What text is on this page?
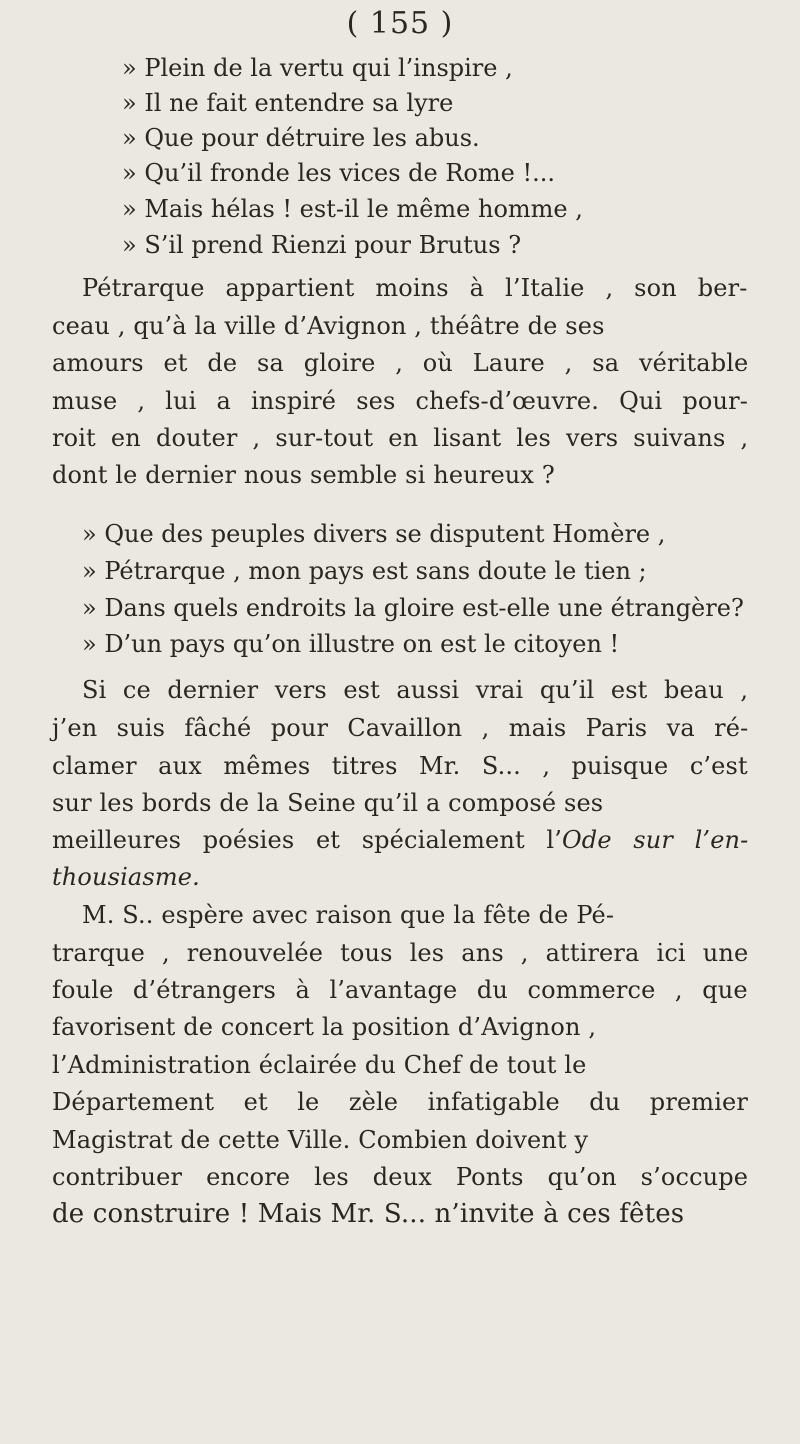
( 155 )
» Plein de la vertu qui l’inspire ,
» Il ne fait entendre sa lyre
» Que pour détruire les abus.
» Qu’il fronde les vices de Rome !...
» Mais hélas ! est-il le même homme ,
» S’il prend Rienzi pour Brutus ?
Pétrarque appartient moins à l’Italie , son ber-
ceau , qu’à la ville d’Avignon , théâtre de ses
amours et de sa gloire , où Laure , sa véritable
muse , lui a inspiré ses chefs-d’œuvre. Qui pour-
roit en douter , sur-tout en lisant les vers suivans ,
dont le dernier nous semble si heureux ?
» Que des peuples divers se disputent Homère ,
» Pétrarque , mon pays est sans doute le tien ;
» Dans quels endroits la gloire est-elle une étrangère?
» D’un pays qu’on illustre on est le citoyen !
Si ce dernier vers est aussi vrai qu’il est beau ,
j’en suis fâché pour Cavaillon , mais Paris va ré-
clamer aux mêmes titres Mr. S... , puisque c’est
sur les bords de la Seine qu’il a composé ses
meilleures poésies et spécialement l’Ode sur l’en-
thousiasme.
M. S.. espère avec raison que la fête de Pé-
trarque , renouvelée tous les ans , attirera ici une
foule d’étrangers à l’avantage du commerce , que
favorisent de concert la position d’Avignon ,
l’Administration éclairée du Chef de tout le
Département et le zèle infatigable du premier
Magistrat de cette Ville. Combien doivent y
contribuer encore les deux Ponts qu’on s’occupe
de construire ! Mais Mr. S... n’invite à ces fêtes
